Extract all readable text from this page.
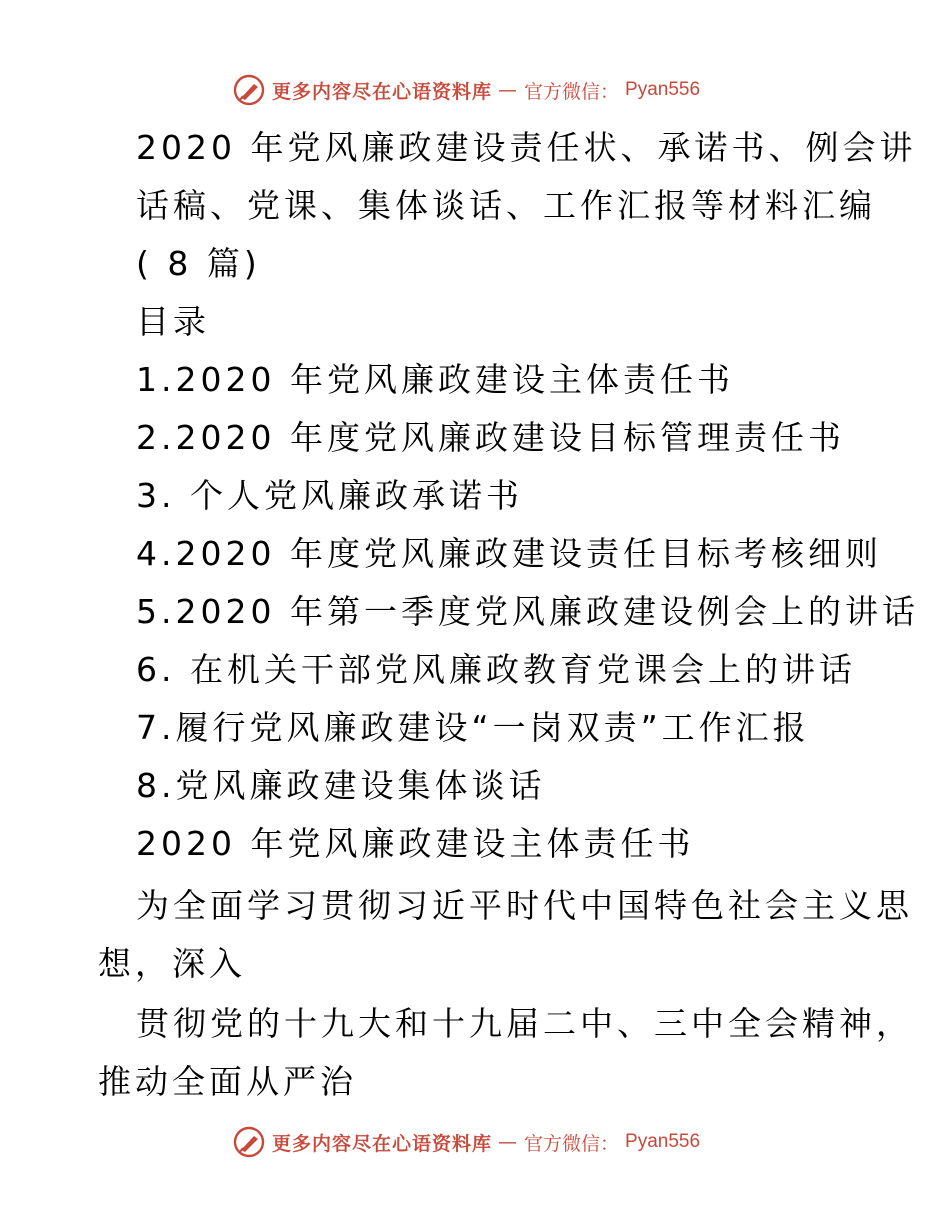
更多内容尽在心语资料库 — 官方微信： Pyan556
2020 年党风廉政建设责任状、承诺书、例会讲
话稿、党课、集体谈话、工作汇报等材料汇编
( 8 篇)
目录
1.2020 年党风廉政建设主体责任书
2.2020 年度党风廉政建设目标管理责任书
3. 个人党风廉政承诺书
4.2020 年度党风廉政建设责任目标考核细则
5.2020 年第一季度党风廉政建设例会上的讲话
6. 在机关干部党风廉政教育党课会上的讲话
7.履行党风廉政建设“一岗双责”工作汇报
8.党风廉政建设集体谈话
2020 年党风廉政建设主体责任书
为全面学习贯彻习近平时代中国特色社会主义思
想，深入
贯彻党的十九大和十九届二中、三中全会精神，
推动全面从严治
更多内容尽在心语资料库 — 官方微信： Pyan556
